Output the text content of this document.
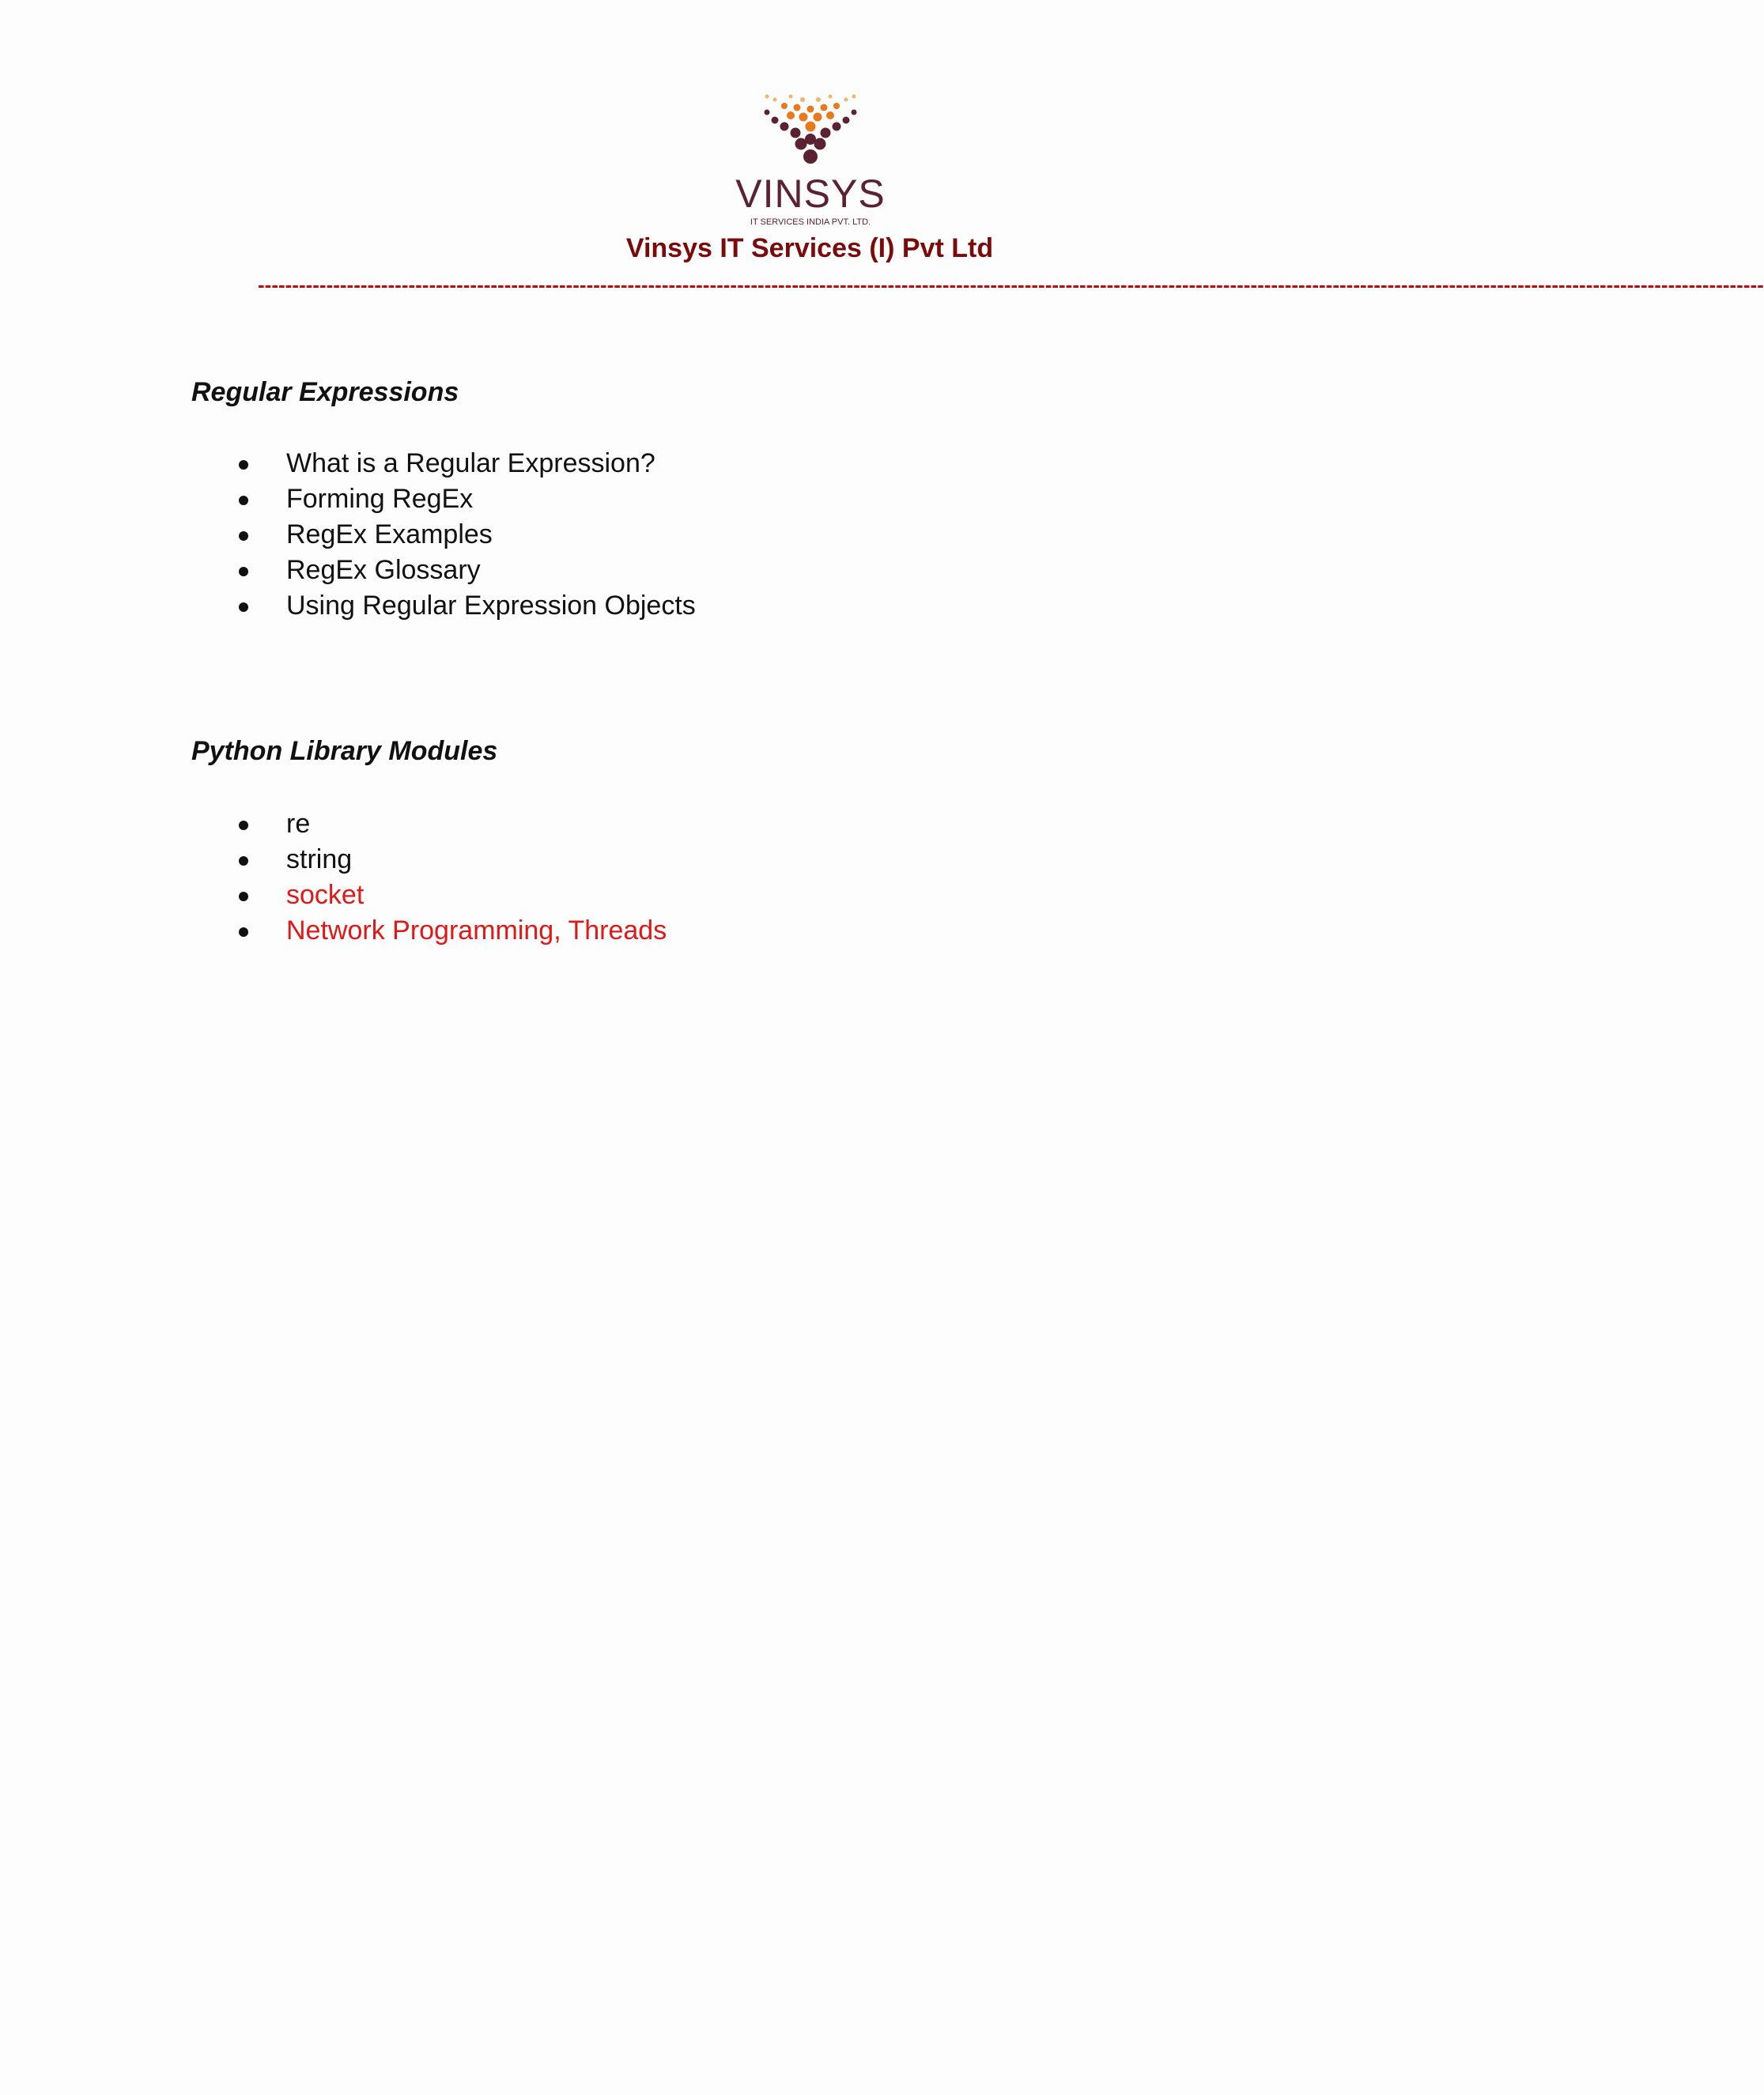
VINSYS
IT SERVICES INDIA PVT. LTD.
Vinsys IT Services (I) Pvt Ltd
----------------------------------------------------------------------------------------------------------------------------------------------------------------------------------------------------------------------------
Regular Expressions
What is a Regular Expression?
Forming RegEx
RegEx Examples
RegEx Glossary
Using Regular Expression Objects
Python Library Modules
re
string
socket
Network Programming, Threads
